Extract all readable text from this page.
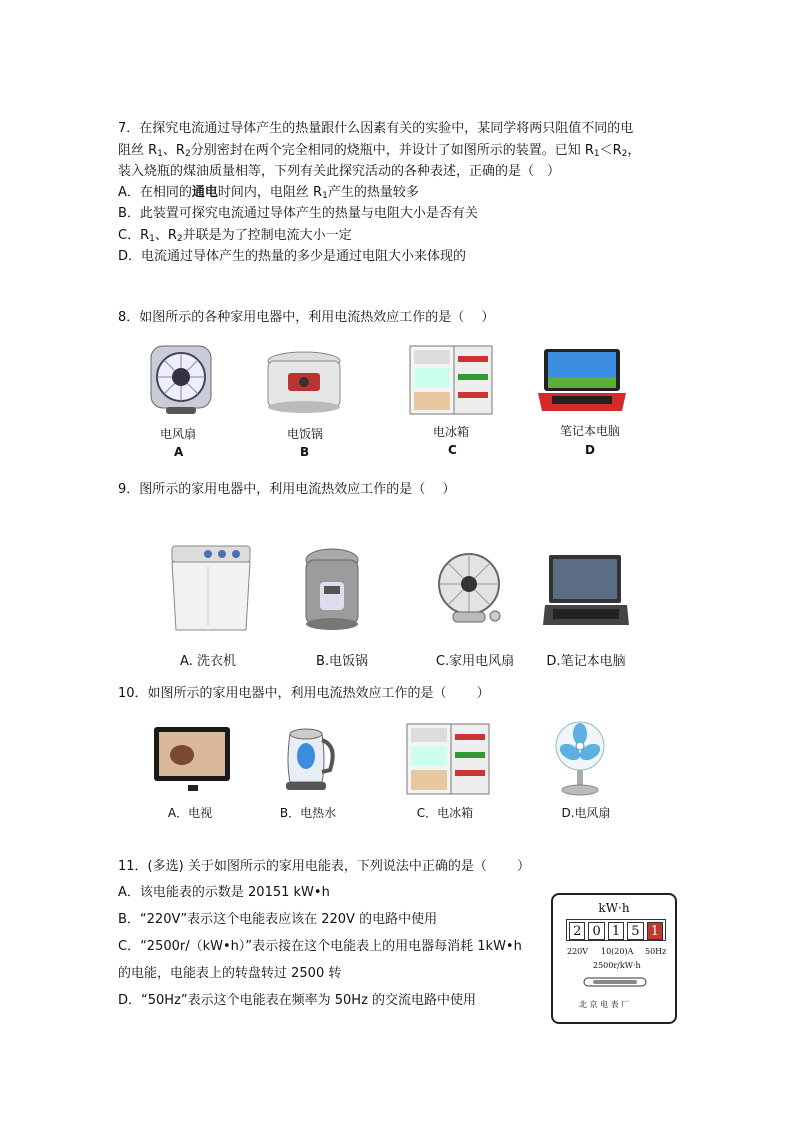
7．在探究电流通过导体产生的热量跟什么因素有关的实验中，某同学将两只阻值不同的电
阻丝 $R_1$、$R_2$分别密封在两个完全相同的烧瓶中，并设计了如图所示的装置。已知 $R_1<R_2$，
装入烧瓶的煤油质量相等，下列有关此探究活动的各种表述，正确的是（　）
A．在相同的通电时间内，电阻丝 $R_1$产生的热量较多
B．此装置可探究电流通过导体产生的热量与电阻大小是否有关
C．$R_1$、$R_2$并联是为了控制电流大小一定
D．电流通过导体产生的热量的多少是通过电阻大小来体现的
8．如图所示的各种家用电器中，利用电流热效应工作的是（　 ）
电风扇	电饭锅	电冰箱	笔记本电脑
A	B	C	D
9．图所示的家用电器中，利用电流热效应工作的是（　 ）
A. 洗衣机	B.电饭锅	C.家用电风扇	D.笔记本电脑
10．如图所示的家用电器中，利用电流热效应工作的是（　　 ）
A．电视	B．电热水	C．电冰箱	D.电风扇
11．(多选) 关于如图所示的家用电能表，下列说法中正确的是（　　 ）
A．该电能表的示数是 20151 kW•h
B．“220V”表示这个电能表应该在 220V 的电路中使用
C．“2500r/（kW•h）”表示接在这个电能表上的用电器每消耗 1kW•h
的电能，电能表上的转盘转过 2500 转
D．“50Hz”表示这个电能表在频率为 50Hz 的交流电路中使用
kW·h
2 0 1 5 1
220V 10(20)A 50Hz
2500r/kW·h
北 京 电 表 厂
